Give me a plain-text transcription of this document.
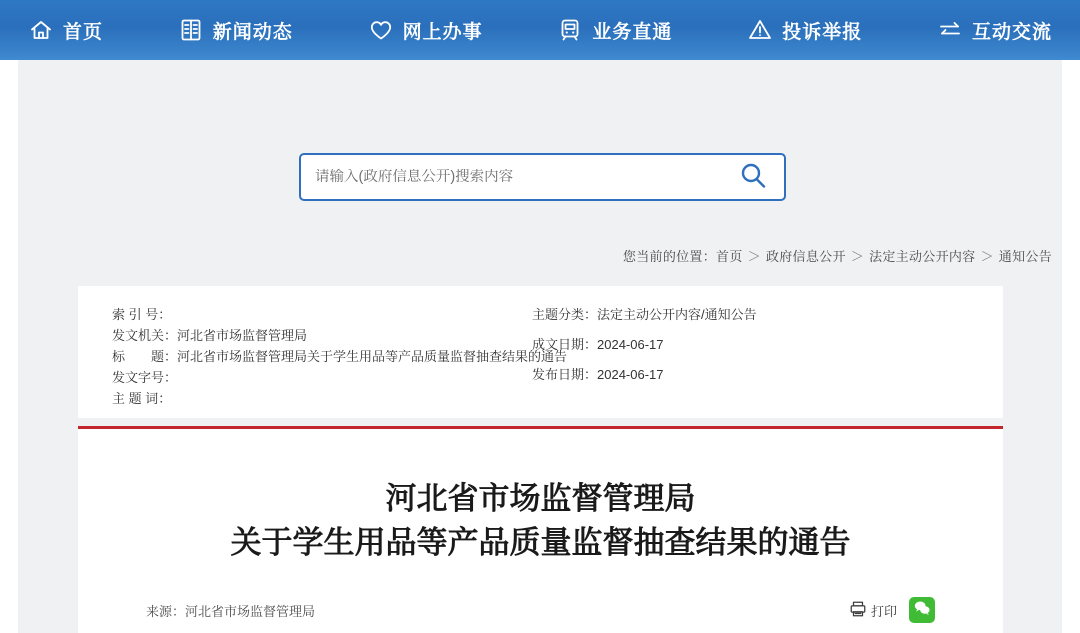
首页	新闻动态	网上办事	业务直通	投诉举报	互动交流
请输入(政府信息公开)搜索内容
您当前的位置：首页 ＞ 政府信息公开 ＞ 法定主动公开内容 ＞ 通知公告
索 引 号：
发文机关：河北省市场监督管理局
标　　题：河北省市场监督管理局关于学生用品等产品质量监督抽查结果的通告
发文字号：
主 题 词：
主题分类：法定主动公开内容/通知公告
成文日期：2024-06-17
发布日期：2024-06-17
河北省市场监督管理局
关于学生用品等产品质量监督抽查结果的通告
来源：河北省市场监督管理局	打印
